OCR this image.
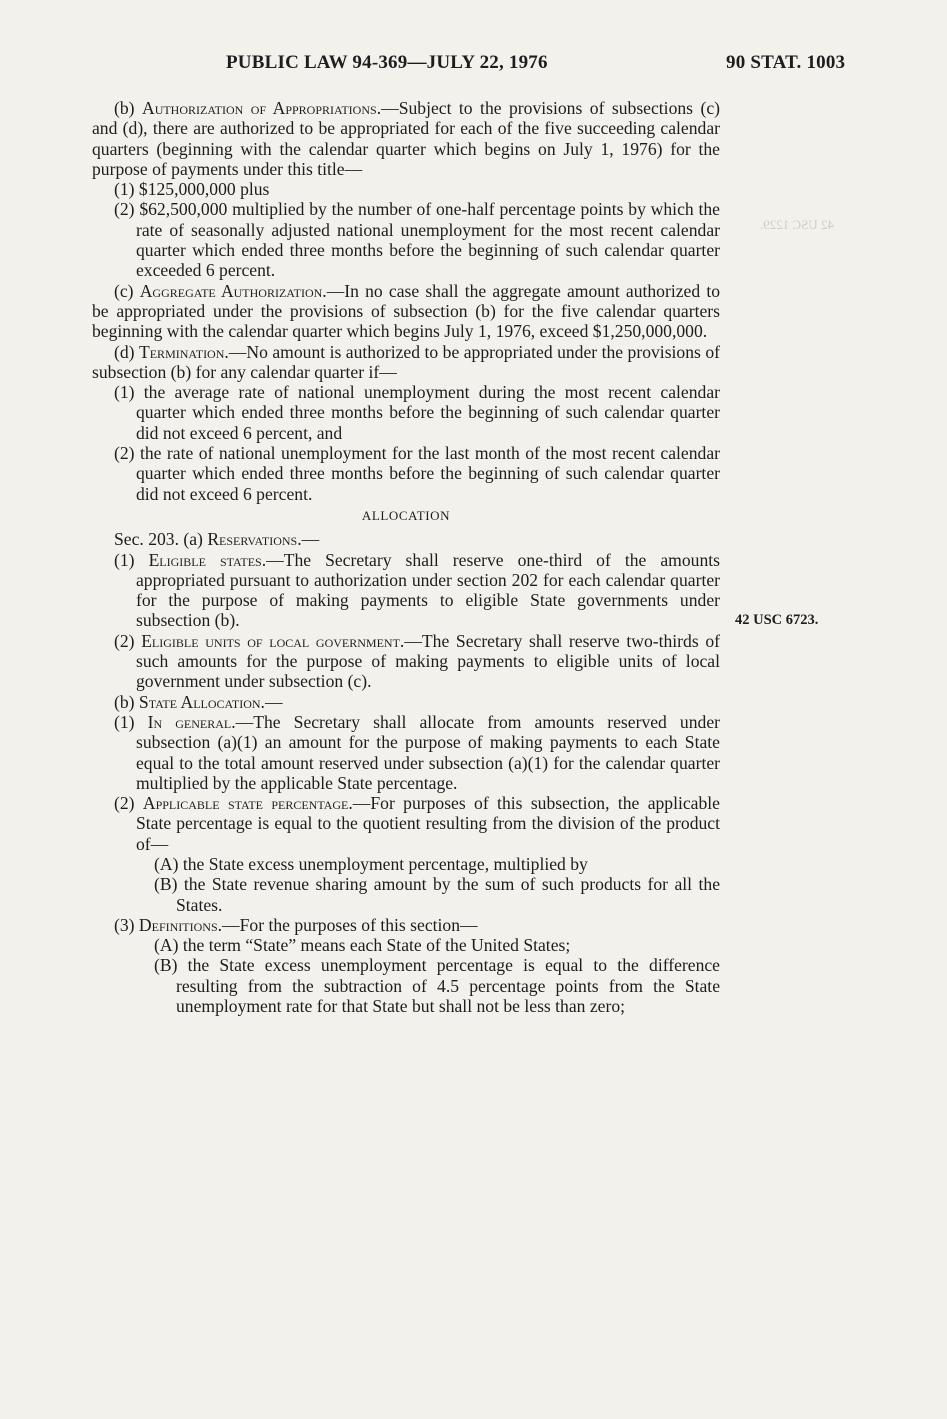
PUBLIC LAW 94-369—JULY 22, 1976	90 STAT. 1003
42 USC 1229.
42 USC 6723.

(b) Authorization of Appropriations.—Subject to the provisions of subsections (c) and (d), there are authorized to be appropriated for each of the five succeeding calendar quarters (beginning with the calendar quarter which begins on July 1, 1976) for the purpose of payments under this title—

(1) $125,000,000 plus

(2) $62,500,000 multiplied by the number of one-half percentage points by which the rate of seasonally adjusted national unemployment for the most recent calendar quarter which ended three months before the beginning of such calendar quarter exceeded 6 percent.

(c) Aggregate Authorization.—In no case shall the aggregate amount authorized to be appropriated under the provisions of subsection (b) for the five calendar quarters beginning with the calendar quarter which begins July 1, 1976, exceed $1,250,000,000.

(d) Termination.—No amount is authorized to be appropriated under the provisions of subsection (b) for any calendar quarter if—

(1) the average rate of national unemployment during the most recent calendar quarter which ended three months before the beginning of such calendar quarter did not exceed 6 percent, and

(2) the rate of national unemployment for the last month of the most recent calendar quarter which ended three months before the beginning of such calendar quarter did not exceed 6 percent.

ALLOCATION

Sec. 203. (a) Reservations.—

(1) Eligible states.—The Secretary shall reserve one-third of the amounts appropriated pursuant to authorization under section 202 for each calendar quarter for the purpose of making payments to eligible State governments under subsection (b).

(2) Eligible units of local government.—The Secretary shall reserve two-thirds of such amounts for the purpose of making payments to eligible units of local government under subsection (c).

(b) State Allocation.—

(1) In general.—The Secretary shall allocate from amounts reserved under subsection (a)(1) an amount for the purpose of making payments to each State equal to the total amount reserved under subsection (a)(1) for the calendar quarter multiplied by the applicable State percentage.

(2) Applicable state percentage.—For purposes of this subsection, the applicable State percentage is equal to the quotient resulting from the division of the product of—

(A) the State excess unemployment percentage, multiplied by

(B) the State revenue sharing amount by the sum of such products for all the States.

(3) Definitions.—For the purposes of this section—

(A) the term “State” means each State of the United States;

(B) the State excess unemployment percentage is equal to the difference resulting from the subtraction of 4.5 percentage points from the State unemployment rate for that State but shall not be less than zero;
